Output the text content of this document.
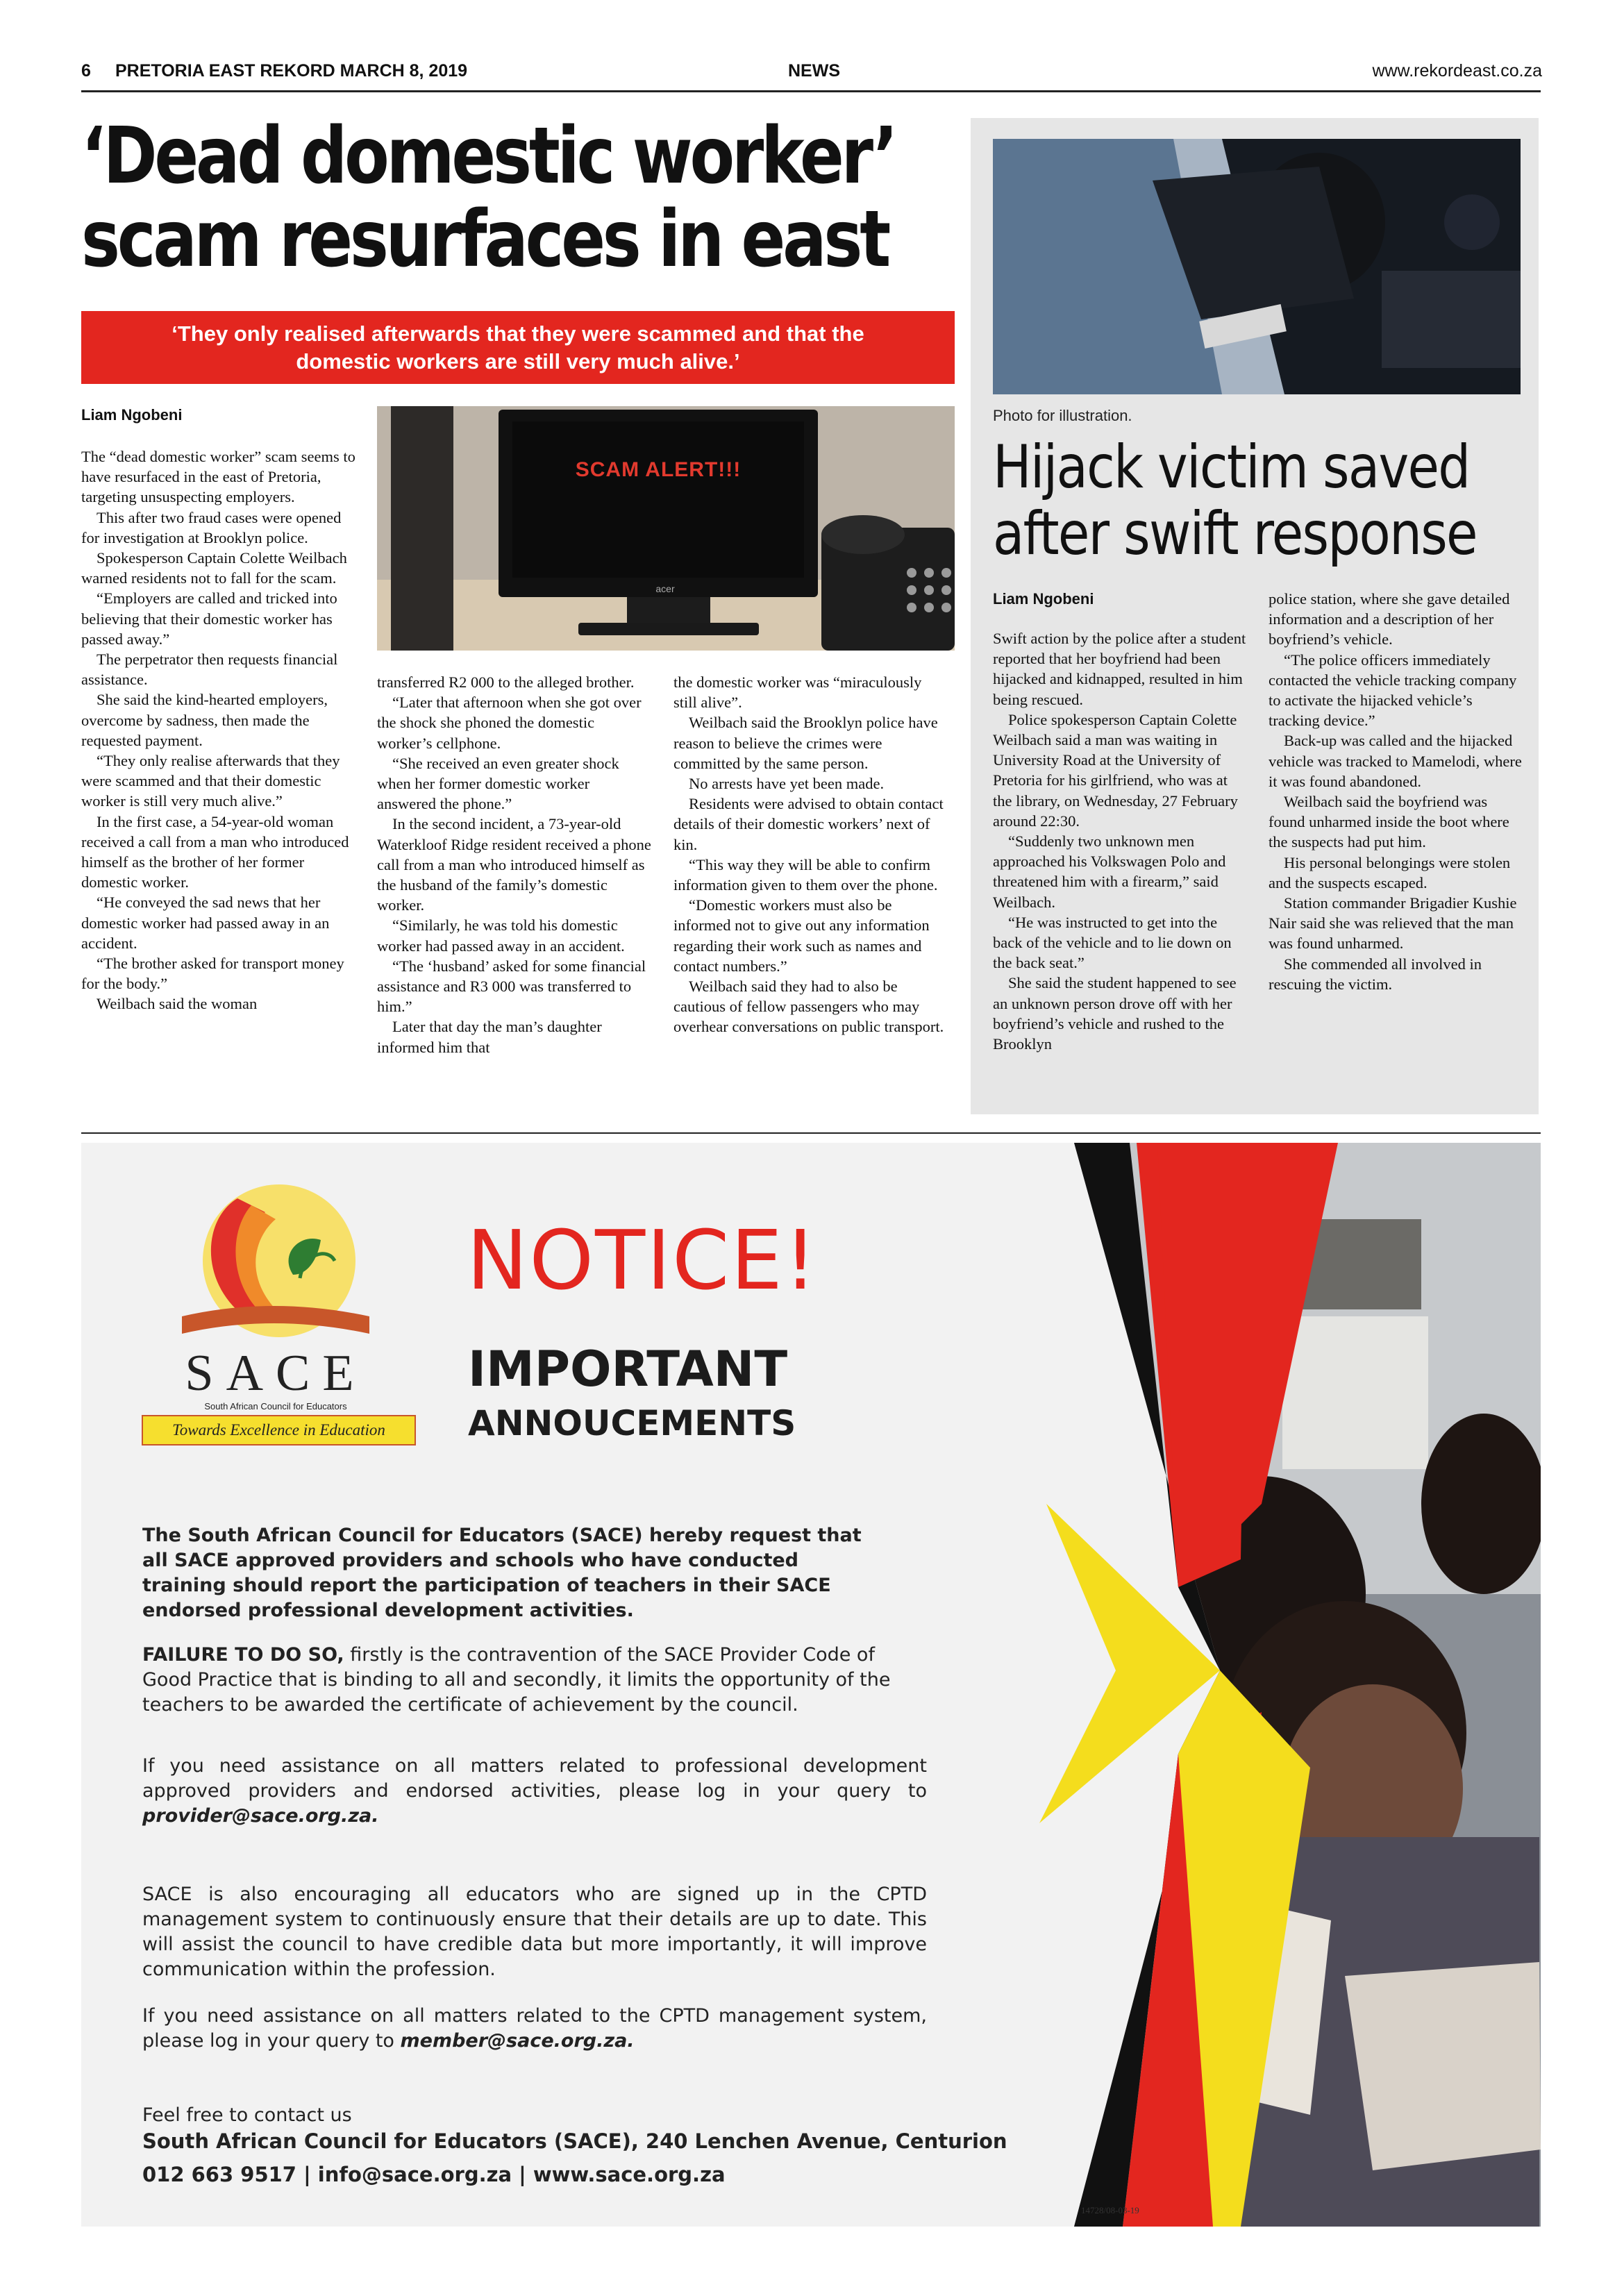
6 PRETORIA EAST REKORD MARCH 8, 2019	NEWS	www.rekordeast.co.za
‘Dead domestic worker’
scam resurfaces in east
‘They only realised afterwards that they were scammed and that the
domestic workers are still very much alive.’
Liam Ngobeni
SCAM ALERT!!!
acer

The “dead domestic worker” scam seems to have resurfaced in the east of Pretoria, targeting unsuspecting employers.

This after two fraud cases were opened for investigation at Brooklyn police.

Spokesperson Captain Colette Weilbach warned residents not to fall for the scam.

“Employers are called and tricked into believing that their domestic worker has passed away.”

The perpetrator then requests financial assistance.

She said the kind-hearted employers, overcome by sadness, then made the requested payment.

“They only realise afterwards that they were scammed and that their domestic worker is still very much alive.”

In the first case, a 54-year-old woman received a call from a man who introduced himself as the brother of her former domestic worker.

“He conveyed the sad news that her domestic worker had passed away in an accident.

“The brother asked for transport money for the body.”

Weilbach said the woman

transferred R2 000 to the alleged brother.

“Later that afternoon when she got over the shock she phoned the domestic worker’s cellphone.

“She received an even greater shock when her former domestic worker answered the phone.”

In the second incident, a 73-year-old Waterkloof Ridge resident received a phone call from a man who introduced himself as the husband of the family’s domestic worker.

“Similarly, he was told his domestic worker had passed away in an accident.

“The ‘husband’ asked for some financial assistance and R3 000 was transferred to him.”

Later that day the man’s daughter informed him that

the domestic worker was “miraculously still alive”.

Weilbach said the Brooklyn police have reason to believe the crimes were committed by the same person.

No arrests have yet been made.

Residents were advised to obtain contact details of their domestic workers’ next of kin.

“This way they will be able to confirm information given to them over the phone.

“Domestic workers must also be informed not to give out any information regarding their work such as names and contact numbers.”

Weilbach said they had to also be cautious of fellow passengers who may overhear conversations on public transport.

Photo for illustration.
Hijack victim saved
after swift response
Liam Ngobeni

Swift action by the police after a student reported that her boyfriend had been hijacked and kidnapped, resulted in him being rescued.

Police spokesperson Captain Colette Weilbach said a man was waiting in University Road at the University of Pretoria for his girlfriend, who was at the library, on Wednesday, 27 February around 22:30.

“Suddenly two unknown men approached his Volkswagen Polo and threatened him with a firearm,” said Weilbach.

“He was instructed to get into the back of the vehicle and to lie down on the back seat.”

She said the student happened to see an unknown person drove off with her boyfriend’s vehicle and rushed to the Brooklyn

police station, where she gave detailed information and a description of her boyfriend’s vehicle.

“The police officers immediately contacted the vehicle tracking company to activate the hijacked vehicle’s tracking device.”

Back-up was called and the hijacked vehicle was tracked to Mamelodi, where it was found abandoned.

Weilbach said the boyfriend was found unharmed inside the boot where the suspects had put him.

His personal belongings were stolen and the suspects escaped.

Station commander Brigadier Kushie Nair said she was relieved that the man was found unharmed.

She commended all involved in rescuing the victim.

SACE
South African Council for Educators
Towards Excellence in Education
NOTICE!
IMPORTANT
ANNOUCEMENTS
The South African Council for Educators (SACE) hereby request that all SACE approved providers and schools who have conducted training should report the participation of teachers in their SACE endorsed professional development activities.
FAILURE TO DO SO, firstly is the contravention of the SACE Provider Code of Good Practice that is binding to all and secondly, it limits the opportunity of the teachers to be awarded the certificate of achievement by the council.
If you need assistance on all matters related to professional development approved providers and endorsed activities, please log in your query to provider@sace.org.za.
SACE is also encouraging all educators who are signed up in the CPTD management system to continuously ensure that their details are up to date. This will assist the council to have credible data but more importantly, it will improve communication within the profession.
If you need assistance on all matters related to the CPTD management system, please log in your query to member@sace.org.za.
Feel free to contact us
South African Council for Educators (SACE), 240 Lenchen Avenue, Centurion
012 663 9517 | info@sace.org.za | www.sace.org.za
14728/08-03-19
